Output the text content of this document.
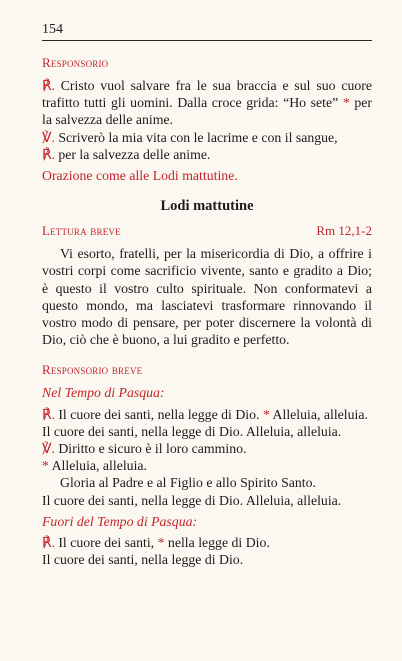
154
Responsorio

℟. Cristo vuol salvare fra le sua braccia e sul suo cuore trafitto tutti gli uomini. Dalla croce grida: “Ho sete” * per la salvezza delle anime.

℣. Scriverò la mia vita con le lacrime e con il sangue,

℟. per la salvezza delle anime.

Orazione come alle Lodi mattutine.

Lodi mattutine
Lettura breve	Rm 12,1-2

Vi esorto, fratelli, per la misericordia di Dio, a offrire i vostri corpi come sacrificio vivente, santo e gradito a Dio; è questo il vostro culto spirituale. Non conformatevi a questo mondo, ma lasciatevi trasformare rinnovando il vostro modo di pensare, per poter discernere la volontà di Dio, ciò che è buono, a lui gradito e perfetto.

Responsorio breve

Nel Tempo di Pasqua:

℟. Il cuore dei santi, nella legge di Dio. * Alleluia, alleluia.

Il cuore dei santi, nella legge di Dio. Alleluia, alleluia.

℣. Diritto e sicuro è il loro cammino.

* Alleluia, alleluia.

Gloria al Padre e al Figlio e allo Spirito Santo.

Il cuore dei santi, nella legge di Dio. Alleluia, alleluia.

Fuori del Tempo di Pasqua:

℟. Il cuore dei santi, * nella legge di Dio.

Il cuore dei santi, nella legge di Dio.
